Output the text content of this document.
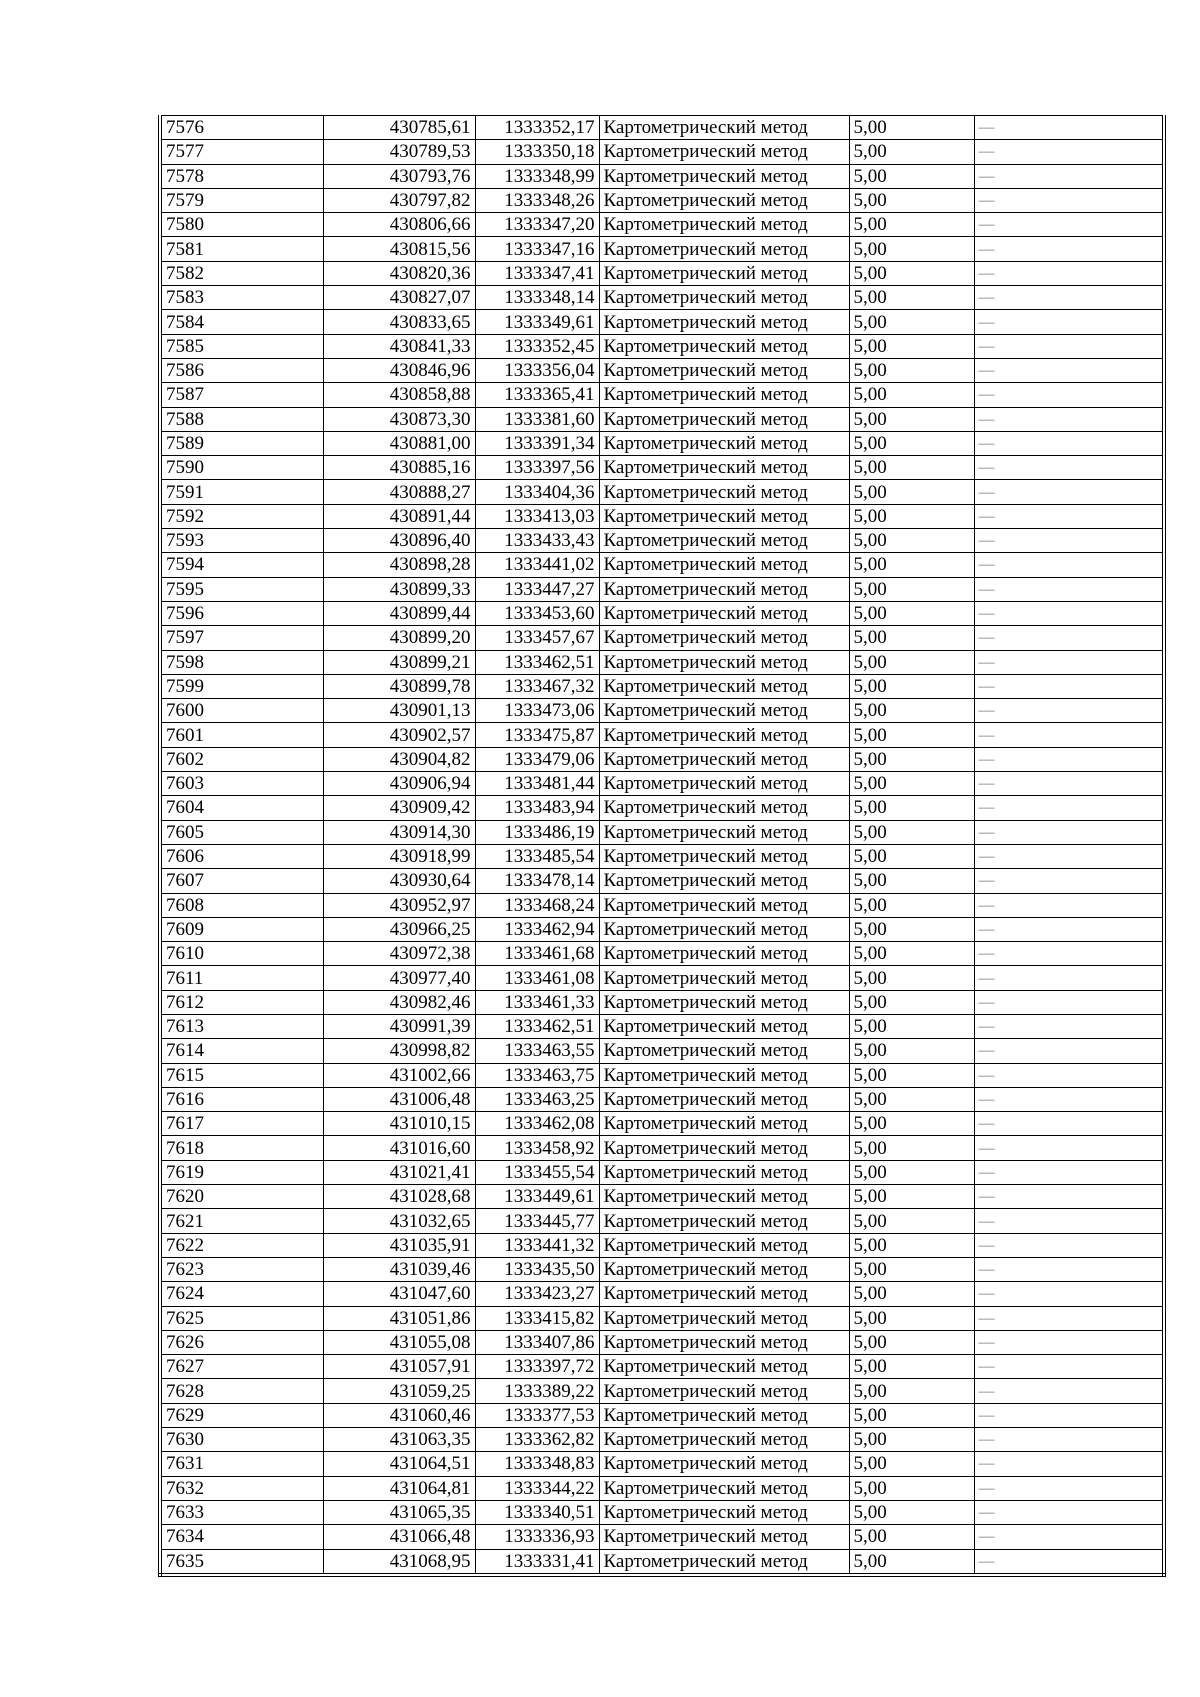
7576	430785,61	1333352,17	Картометрический метод	5,00	—
7577	430789,53	1333350,18	Картометрический метод	5,00	—
7578	430793,76	1333348,99	Картометрический метод	5,00	—
7579	430797,82	1333348,26	Картометрический метод	5,00	—
7580	430806,66	1333347,20	Картометрический метод	5,00	—
7581	430815,56	1333347,16	Картометрический метод	5,00	—
7582	430820,36	1333347,41	Картометрический метод	5,00	—
7583	430827,07	1333348,14	Картометрический метод	5,00	—
7584	430833,65	1333349,61	Картометрический метод	5,00	—
7585	430841,33	1333352,45	Картометрический метод	5,00	—
7586	430846,96	1333356,04	Картометрический метод	5,00	—
7587	430858,88	1333365,41	Картометрический метод	5,00	—
7588	430873,30	1333381,60	Картометрический метод	5,00	—
7589	430881,00	1333391,34	Картометрический метод	5,00	—
7590	430885,16	1333397,56	Картометрический метод	5,00	—
7591	430888,27	1333404,36	Картометрический метод	5,00	—
7592	430891,44	1333413,03	Картометрический метод	5,00	—
7593	430896,40	1333433,43	Картометрический метод	5,00	—
7594	430898,28	1333441,02	Картометрический метод	5,00	—
7595	430899,33	1333447,27	Картометрический метод	5,00	—
7596	430899,44	1333453,60	Картометрический метод	5,00	—
7597	430899,20	1333457,67	Картометрический метод	5,00	—
7598	430899,21	1333462,51	Картометрический метод	5,00	—
7599	430899,78	1333467,32	Картометрический метод	5,00	—
7600	430901,13	1333473,06	Картометрический метод	5,00	—
7601	430902,57	1333475,87	Картометрический метод	5,00	—
7602	430904,82	1333479,06	Картометрический метод	5,00	—
7603	430906,94	1333481,44	Картометрический метод	5,00	—
7604	430909,42	1333483,94	Картометрический метод	5,00	—
7605	430914,30	1333486,19	Картометрический метод	5,00	—
7606	430918,99	1333485,54	Картометрический метод	5,00	—
7607	430930,64	1333478,14	Картометрический метод	5,00	—
7608	430952,97	1333468,24	Картометрический метод	5,00	—
7609	430966,25	1333462,94	Картометрический метод	5,00	—
7610	430972,38	1333461,68	Картометрический метод	5,00	—
7611	430977,40	1333461,08	Картометрический метод	5,00	—
7612	430982,46	1333461,33	Картометрический метод	5,00	—
7613	430991,39	1333462,51	Картометрический метод	5,00	—
7614	430998,82	1333463,55	Картометрический метод	5,00	—
7615	431002,66	1333463,75	Картометрический метод	5,00	—
7616	431006,48	1333463,25	Картометрический метод	5,00	—
7617	431010,15	1333462,08	Картометрический метод	5,00	—
7618	431016,60	1333458,92	Картометрический метод	5,00	—
7619	431021,41	1333455,54	Картометрический метод	5,00	—
7620	431028,68	1333449,61	Картометрический метод	5,00	—
7621	431032,65	1333445,77	Картометрический метод	5,00	—
7622	431035,91	1333441,32	Картометрический метод	5,00	—
7623	431039,46	1333435,50	Картометрический метод	5,00	—
7624	431047,60	1333423,27	Картометрический метод	5,00	—
7625	431051,86	1333415,82	Картометрический метод	5,00	—
7626	431055,08	1333407,86	Картометрический метод	5,00	—
7627	431057,91	1333397,72	Картометрический метод	5,00	—
7628	431059,25	1333389,22	Картометрический метод	5,00	—
7629	431060,46	1333377,53	Картометрический метод	5,00	—
7630	431063,35	1333362,82	Картометрический метод	5,00	—
7631	431064,51	1333348,83	Картометрический метод	5,00	—
7632	431064,81	1333344,22	Картометрический метод	5,00	—
7633	431065,35	1333340,51	Картометрический метод	5,00	—
7634	431066,48	1333336,93	Картометрический метод	5,00	—
7635	431068,95	1333331,41	Картометрический метод	5,00	—
